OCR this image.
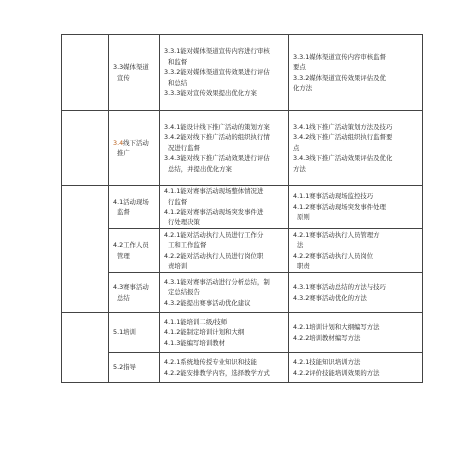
	3.3媒体渠道
宣传	3.3.1能对媒体渠道宣传内容进行审核
和监督
3.3.2能对媒体渠道宣传效果进行评估
和总结
3.3.3能对宣传效果提出优化方案	3.3.1媒体渠道宣传内容审核监督
要点
3.3.2媒体渠道宣传效果评估及优
化方法

	3.4线下活动
推广	3.4.1能设计线下推广活动的策划方案
3.4.2能对线下推广活动的组织执行情
况进行监督
3.4.3能对线下推广活动效果进行评估
总结，并提出优化方案	3.4.1线下推广活动策划方法及技巧
3.4.2线下推广活动组织执行监督要
点
3.4.3线下推广活动效果评估及优化
方法

	4.1活动现场
监督	4.1.1能对赛事活动现场整体情况进
行监督
4.1.2能对赛事活动现场突发事件进
行处理决策	4.1.1赛事活动现场监控技巧
4.1.2赛事活动现场突发事件处理
原则

	4.2工作人员
管理	4.2.1能对活动执行人员进行工作分
工和工作监督
4.2.2能对活动执行人员进行岗位职
责培训	4.2.1赛事活动执行人员管理方
法
4.2.2赛事活动执行人员岗位
职责

	4.3赛事活动
总结	4.3.1能对赛事活动进行分析总结，制
定总结报告
4.3.2能提出赛事活动优化建议	4.3.1赛事活动总结的方法与技巧
4.3.2赛事活动优化的方法

	5.1培训	4.1.1能培训二级/技师
4.1.2能制定培训计划和大纲
4.1.3能编写培训教材	4.2.1培训计划和大纲编写方法
4.2.2培训教材编写方法

	5.2指导	4.2.1系统地传授专业知识和技能
4.2.2能安排教学内容，选择教学方式	4.2.1技能知识培训方法
4.2.2评价技能培训效果的方法
